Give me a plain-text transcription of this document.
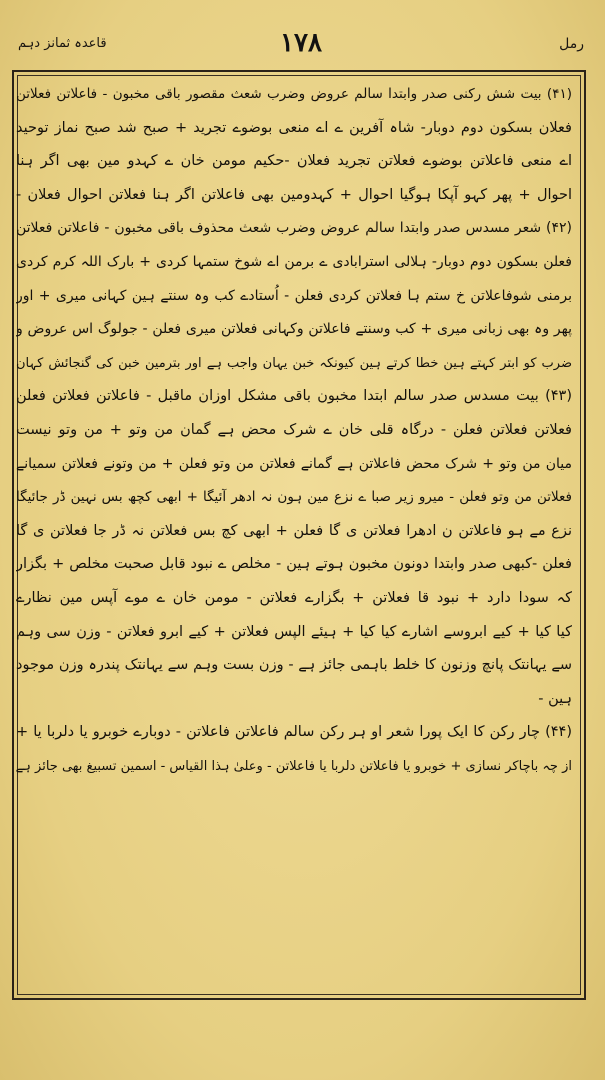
رمل
۱۷۸
قاعدہ ثمانز دہم
(۴۱) بیت شش رکنی صدر وابتدا سالم عروض وضرب شعث مقصور باقی مخبون - فاعلاتن فعلاتن
فعلان بسکون دوم دوبار- شاہ آفرین ے اے منعی بوضوے تجرید + صبح شد صبح نماز توحید
اے منعی فاعلاتن بوضوے فعلاتن تجرید فعلان -حکیم مومن خان ے کہدو مین بھی اگر ہنا
احوال + پھر کہو آپکا ہوگیا احوال + کہدومین بھی فاعلاتن اگر ہنا فعلاتن احوال فعلان -
(۴۲) شعر مسدس صدر وابتدا سالم عروض وضرب شعث محذوف باقی مخبون - فاعلاتن فعلاتن
فعلن بسکون دوم دوبار- ہلالی استرابادی ے برمن اے شوخ ستمہا کردی + بارک اللہ کرم کردی
برمنی شوفاعلاتن خ ستم ہا فعلاتن کردی فعلن - اُستادے کب وہ سنتے ہین کہانی میری + اور
پھر وہ بھی زبانی میری + کب وسنتے فاعلاتن وکہانی فعلاتن میری فعلن - جولوگ اس عروض و
ضرب کو ابتر کہتے ہین خطا کرتے ہین کیونکہ خبن یہان واجب ہے اور بترمین خبن کی گنجائش کہان
(۴۳) بیت مسدس صدر سالم ابتدا مخبون باقی مشکل اوزان ماقبل - فاعلاتن فعلاتن فعلن
فعلاتن فعلاتن فعلن - درگاہ قلی خان ے شرک محض ہے گمان من وتو + من وتو نیست
میان من وتو + شرک محض فاعلاتن ہے گمانے فعلاتن من وتو فعلن + من وتونے فعلاتن سمیانے
فعلاتن من وتو فعلن - میرو زیر صبا ے نزع مین ہون نہ ادھر آئیگا + ابھی کچھ بس نہین ڈر جائیگا
نزع مے ہو فاعلاتن ن ادھرا فعلاتن ی گا فعلن + ابھی کچ بس فعلاتن نہ ڈر جا فعلاتن ی گا
فعلن -کبھی صدر وابتدا دونون مخبون ہوتے ہین - مخلص ے نبود قابل صحبت مخلص + بگزار
کہ سودا دارد + نبود قا فعلاتن + بگزارے فعلاتن - مومن خان ے موے آپس مین نظارے
کیا کیا + کیے ابروسے اشارے کیا کیا + ہیئے الپس فعلاتن + کیے ابرو فعلاتن - وزن سی وہم
سے یہانتک پانچ وزنون کا خلط باہمی جائز ہے - وزن بست وہم سے یہانتک پندرہ وزن موجود
ہین -
(۴۴) چار رکن کا ایک پورا شعر او ہر رکن سالم فاعلاتن فاعلاتن - دوبارے خوبرو یا دلربا یا +
از چہ باچاکر نسازی + خوبرو یا فاعلاتن دلربا یا فاعلاتن - وعلیٰ ہذا القیاس - اسمین تسبیغ بھی جائز ہے
